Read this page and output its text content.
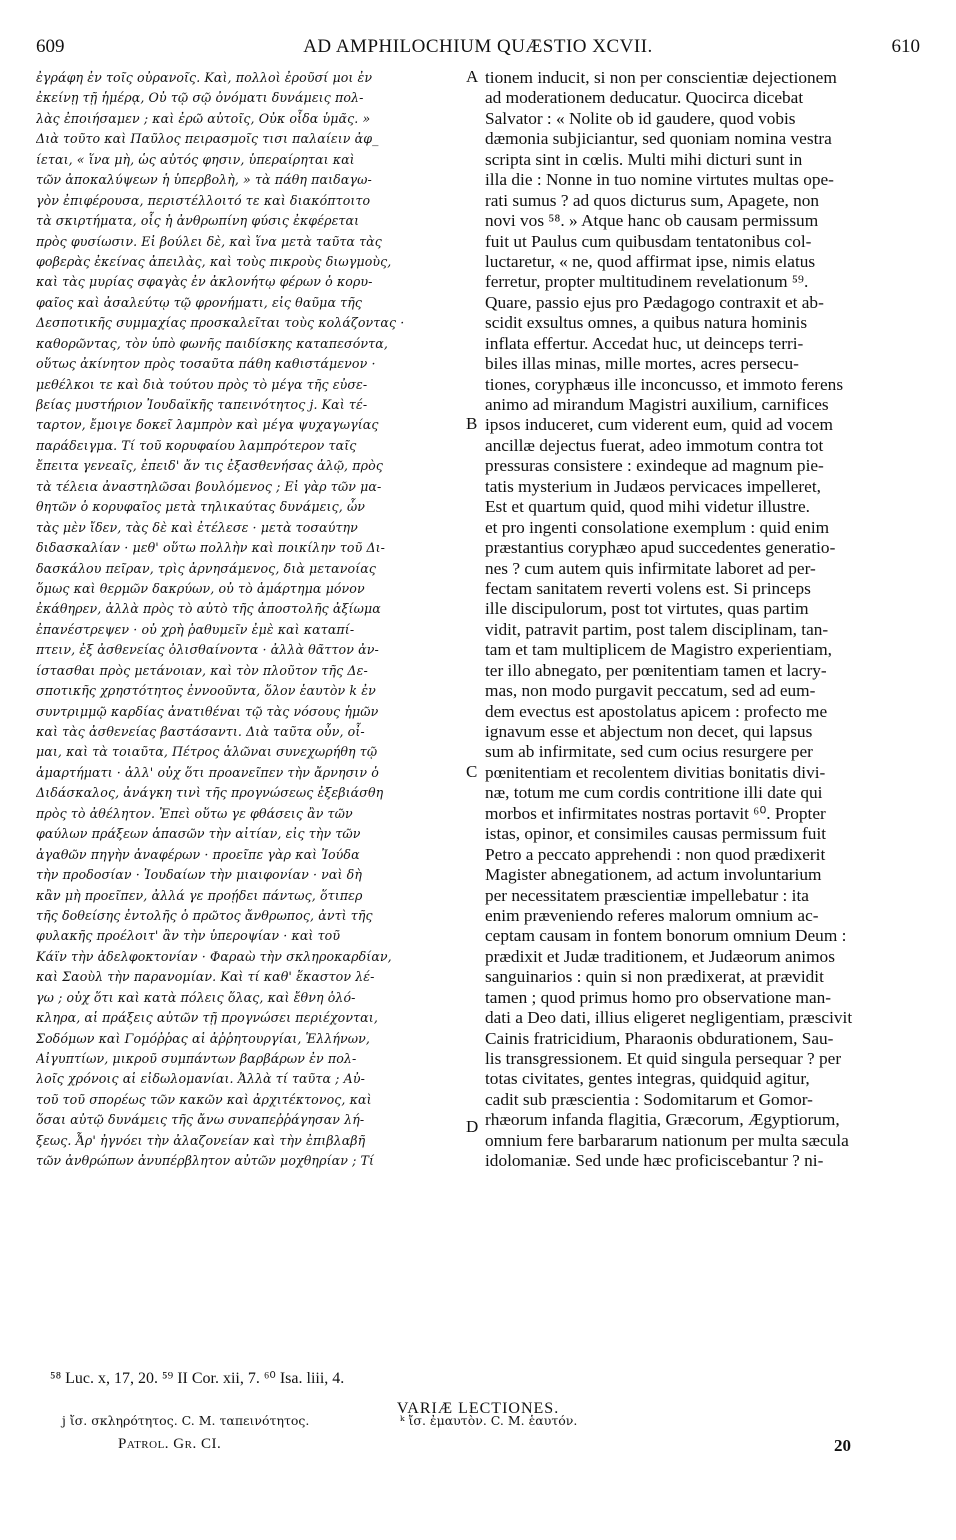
609	AD AMPHILOCHIUM QUÆSTIO XCVII.	610
ἐγράφη ἐν τοῖς οὐρανοῖς. Καὶ, πολλοὶ ἐροῦσί μοι ἐν
ἐκείνῃ τῇ ἡμέρᾳ, Οὐ τῷ σῷ ὀνόματι δυνάμεις πολ-
λὰς ἐποιήσαμεν ; καὶ ἐρῶ αὐτοῖς, Οὐκ οἶδα ὑμᾶς. »
Διὰ τοῦτο καὶ Παῦλος πειρασμοῖς τισι παλαίειν ἀφ_
ίεται, « ἵνα μὴ, ὡς αὐτός φησιν, ὑπεραίρηται καὶ
τῶν ἀποκαλύψεων ἡ ὑπερβολὴ, » τὰ πάθη παιδαγω-
γὸν ἐπιφέρουσα, περιστέλλοιτό τε καὶ διακόπτοιτο
τὰ σκιρτήματα, οἷς ἡ ἀνθρωπίνη φύσις ἐκφέρεται
πρὸς φυσίωσιν. Εἰ βούλει δὲ, καὶ ἵνα μετὰ ταῦτα τὰς
φοβερὰς ἐκείνας ἀπειλὰς, καὶ τοὺς πικροὺς διωγμοὺς,
καὶ τὰς μυρίας σφαγὰς ἐν ἀκλονήτῳ φέρων ὁ κορυ-
φαῖος καὶ ἀσαλεύτῳ τῷ φρονήματι, εἰς θαῦμα τῆς
Δεσποτικῆς συμμαχίας προσκαλεῖται τοὺς κολάζοντας ·
καθορῶντας, τὸν ὑπὸ φωνῆς παιδίσκης καταπεσόντα,
οὕτως ἀκίνητον πρὸς τοσαῦτα πάθη καθιστάμενον ·
μεθέλκοι τε καὶ διὰ τούτου πρὸς τὸ μέγα τῆς εὐσε-
βείας μυστήριον Ἰουδαϊκῆς ταπεινότητος j. Καὶ τέ-
ταρτον, ἔμοιγε δοκεῖ λαμπρὸν καὶ μέγα ψυχαγωγίας
παράδειγμα. Τί τοῦ κορυφαίου λαμπρότερον ταῖς
ἔπειτα γενεαῖς, ἐπειδ' ἄν τις ἐξασθενήσας ἁλῷ, πρὸς
τὰ τέλεια ἀναστηλῶσαι βουλόμενος ; Εἰ γὰρ τῶν μα-
θητῶν ὁ κορυφαῖος μετὰ τηλικαύτας δυνάμεις, ὧν
τὰς μὲν ἴδεν, τὰς δὲ καὶ ἐτέλεσε · μετὰ τοσαύτην
διδασκαλίαν · μεθ' οὕτω πολλὴν καὶ ποικίλην τοῦ Δι-
δασκάλου πεῖραν, τρὶς ἀρνησάμενος, διὰ μετανοίας
ὅμως καὶ θερμῶν δακρύων, οὐ τὸ ἁμάρτημα μόνον
ἐκάθηρεν, ἀλλὰ πρὸς τὸ αὐτὸ τῆς ἀποστολῆς ἀξίωμα
ἐπανέστρεψεν · οὐ χρὴ ῥαθυμεῖν ἐμὲ καὶ καταπί-
πτειν, ἐξ ἀσθενείας ὀλισθαίνοντα · ἀλλὰ θᾶττον ἀν-
ίστασθαι πρὸς μετάνοιαν, καὶ τὸν πλοῦτον τῆς Δε-
σποτικῆς χρηστότητος ἐννοοῦντα, ὅλον ἑαυτὸν k ἐν
συντριμμῷ καρδίας ἀνατιθέναι τῷ τὰς νόσους ἡμῶν
καὶ τὰς ἀσθενείας βαστάσαντι. Διὰ ταῦτα οὖν, οἶ-
μαι, καὶ τὰ τοιαῦτα, Πέτρος ἁλῶναι συνεχωρήθη τῷ
ἁμαρτήματι · ἀλλ' οὐχ ὅτι προανεῖπεν τὴν ἄρνησιν ὁ
Διδάσκαλος, ἀνάγκη τινὶ τῆς προγνώσεως ἐξεβιάσθη
πρὸς τὸ ἀθέλητον. Ἐπεὶ οὕτω γε φθάσεις ἂν τῶν
φαύλων πράξεων ἁπασῶν τὴν αἰτίαν, εἰς τὴν τῶν
ἀγαθῶν πηγὴν ἀναφέρων · προεῖπε γὰρ καὶ Ἰούδα
τὴν προδοσίαν · Ἰουδαίων τὴν μιαιφονίαν · ναὶ δὴ
κἂν μὴ προεῖπεν, ἀλλά γε προῄδει πάντως, ὅτιπερ
τῆς δοθείσης ἐντολῆς ὁ πρῶτος ἄνθρωπος, ἀντὶ τῆς
φυλακῆς προέλοιτ' ἂν τὴν ὑπεροψίαν · καὶ τοῦ
Κάϊν τὴν ἀδελφοκτονίαν · Φαραὼ τὴν σκληροκαρδίαν,
καὶ Σαοὺλ τὴν παρανομίαν. Καὶ τί καθ' ἕκαστον λέ-
γω ; οὐχ ὅτι καὶ κατὰ πόλεις ὅλας, καὶ ἔθνη ὁλό-
κληρα, αἱ πράξεις αὐτῶν τῇ προγνώσει περιέχονται,
Σοδόμων καὶ Γομόῤῥας αἱ ἀῤῥητουργίαι, Ἑλλήνων,
Αἰγυπτίων, μικροῦ συμπάντων βαρβάρων ἐν πολ-
λοῖς χρόνοις αἱ εἰδωλομανίαι. Ἀλλὰ τί ταῦτα ; Αὐ-
τοῦ τοῦ σπορέως τῶν κακῶν καὶ ἀρχιτέκτονος, καὶ
ὅσαι αὐτῷ δυνάμεις τῆς ἄνω συναπεῤῥάγησαν λή-
ξεως. Ἆρ' ἠγνόει τὴν ἀλαζονείαν καὶ τὴν ἐπιβλαβῆ
τῶν ἀνθρώπων ἀνυπέρβλητον αὐτῶν μοχθηρίαν ; Τί
tionem inducit, si non per conscientiæ dejectionem
ad moderationem deducatur. Quocirca dicebat
Salvator : « Nolite ob id gaudere, quod vobis
dæmonia subjiciantur, sed quoniam nomina vestra
scripta sint in cœlis. Multi mihi dicturi sunt in
illa die : Nonne in tuo nomine virtutes multas ope-
rati sumus ? ad quos dicturus sum, Apagete, non
novi vos ⁵⁸. » Atque hanc ob causam permissum
fuit ut Paulus cum quibusdam tentatonibus col-
luctaretur, « ne, quod affirmat ipse, nimis elatus
ferretur, propter multitudinem revelationum ⁵⁹.
Quare, passio ejus pro Pædagogo contraxit et ab-
scidit exsultus omnes, a quibus natura hominis
inflata effertur. Accedat huc, ut deinceps terri-
biles illas minas, mille mortes, acres persecu-
tiones, coryphæus ille inconcusso, et immoto ferens
animo ad mirandum Magistri auxilium, carnifices
ipsos induceret, cum viderent eum, quid ad vocem
ancillæ dejectus fuerat, adeo immotum contra tot
pressuras consistere : exindeque ad magnum pie-
tatis mysterium in Judæos pervicaces impelleret,
Est et quartum quid, quod mihi videtur illustre.
et pro ingenti consolatione exemplum : quid enim
præstantius coryphæo apud succedentes generatio-
nes ? cum autem quis infirmitate laboret ad per-
fectam sanitatem reverti volens est. Si princeps
ille discipulorum, post tot virtutes, quas partim
vidit, patravit partim, post talem disciplinam, tan-
tam et tam multiplicem de Magistro experientiam,
ter illo abnegato, per pœnitentiam tamen et lacry-
mas, non modo purgavit peccatum, sed ad eum-
dem evectus est apostolatus apicem : profecto me
ignavum esse et abjectum non decet, qui lapsus
sum ab infirmitate, sed cum ocius resurgere per
pœnitentiam et recolentem divitias bonitatis divi-
næ, totum me cum cordis contritione illi date qui
morbos et infirmitates nostras portavit ⁶⁰. Propter
istas, opinor, et consimiles causas permissum fuit
Petro a peccato apprehendi : non quod prædixerit
Magister abnegationem, ad actum involuntarium
per necessitatem præscientiæ impellebatur : ita
enim præveniendo referes malorum omnium ac-
ceptam causam in fontem bonorum omnium Deum :
prædixit et Judæ traditionem, et Judæorum animos
sanguinarios : quin si non prædixerat, at prævidit
tamen ; quod primus homo pro observatione man-
dati a Deo dati, illius eligeret negligentiam, præscivit
Cainis fratricidium, Pharaonis obdurationem, Sau-
lis transgressionem. Et quid singula persequar ? per
totas civitates, gentes integras, quidquid agitur,
cadit sub præscientia : Sodomitarum et Gomor-
rhæorum infanda flagitia, Græcorum, Ægyptiorum,
omnium fere barbararum nationum per multa sæcula
idolomaniæ. Sed unde hæc proficiscebantur ? ni-
A
B
C
D
⁵⁸ Luc. x, 17, 20. ⁵⁹ II Cor. xii, 7. ⁶⁰ Isa. liii, 4.
VARIÆ LECTIONES.
j ἴσ. σκληρότητος. C. M. ταπεινότητος.	ᵏ ἴσ. ἐμαυτὸν. C. M. ἑαυτόν.
Patrol. Gr. CI.	20
